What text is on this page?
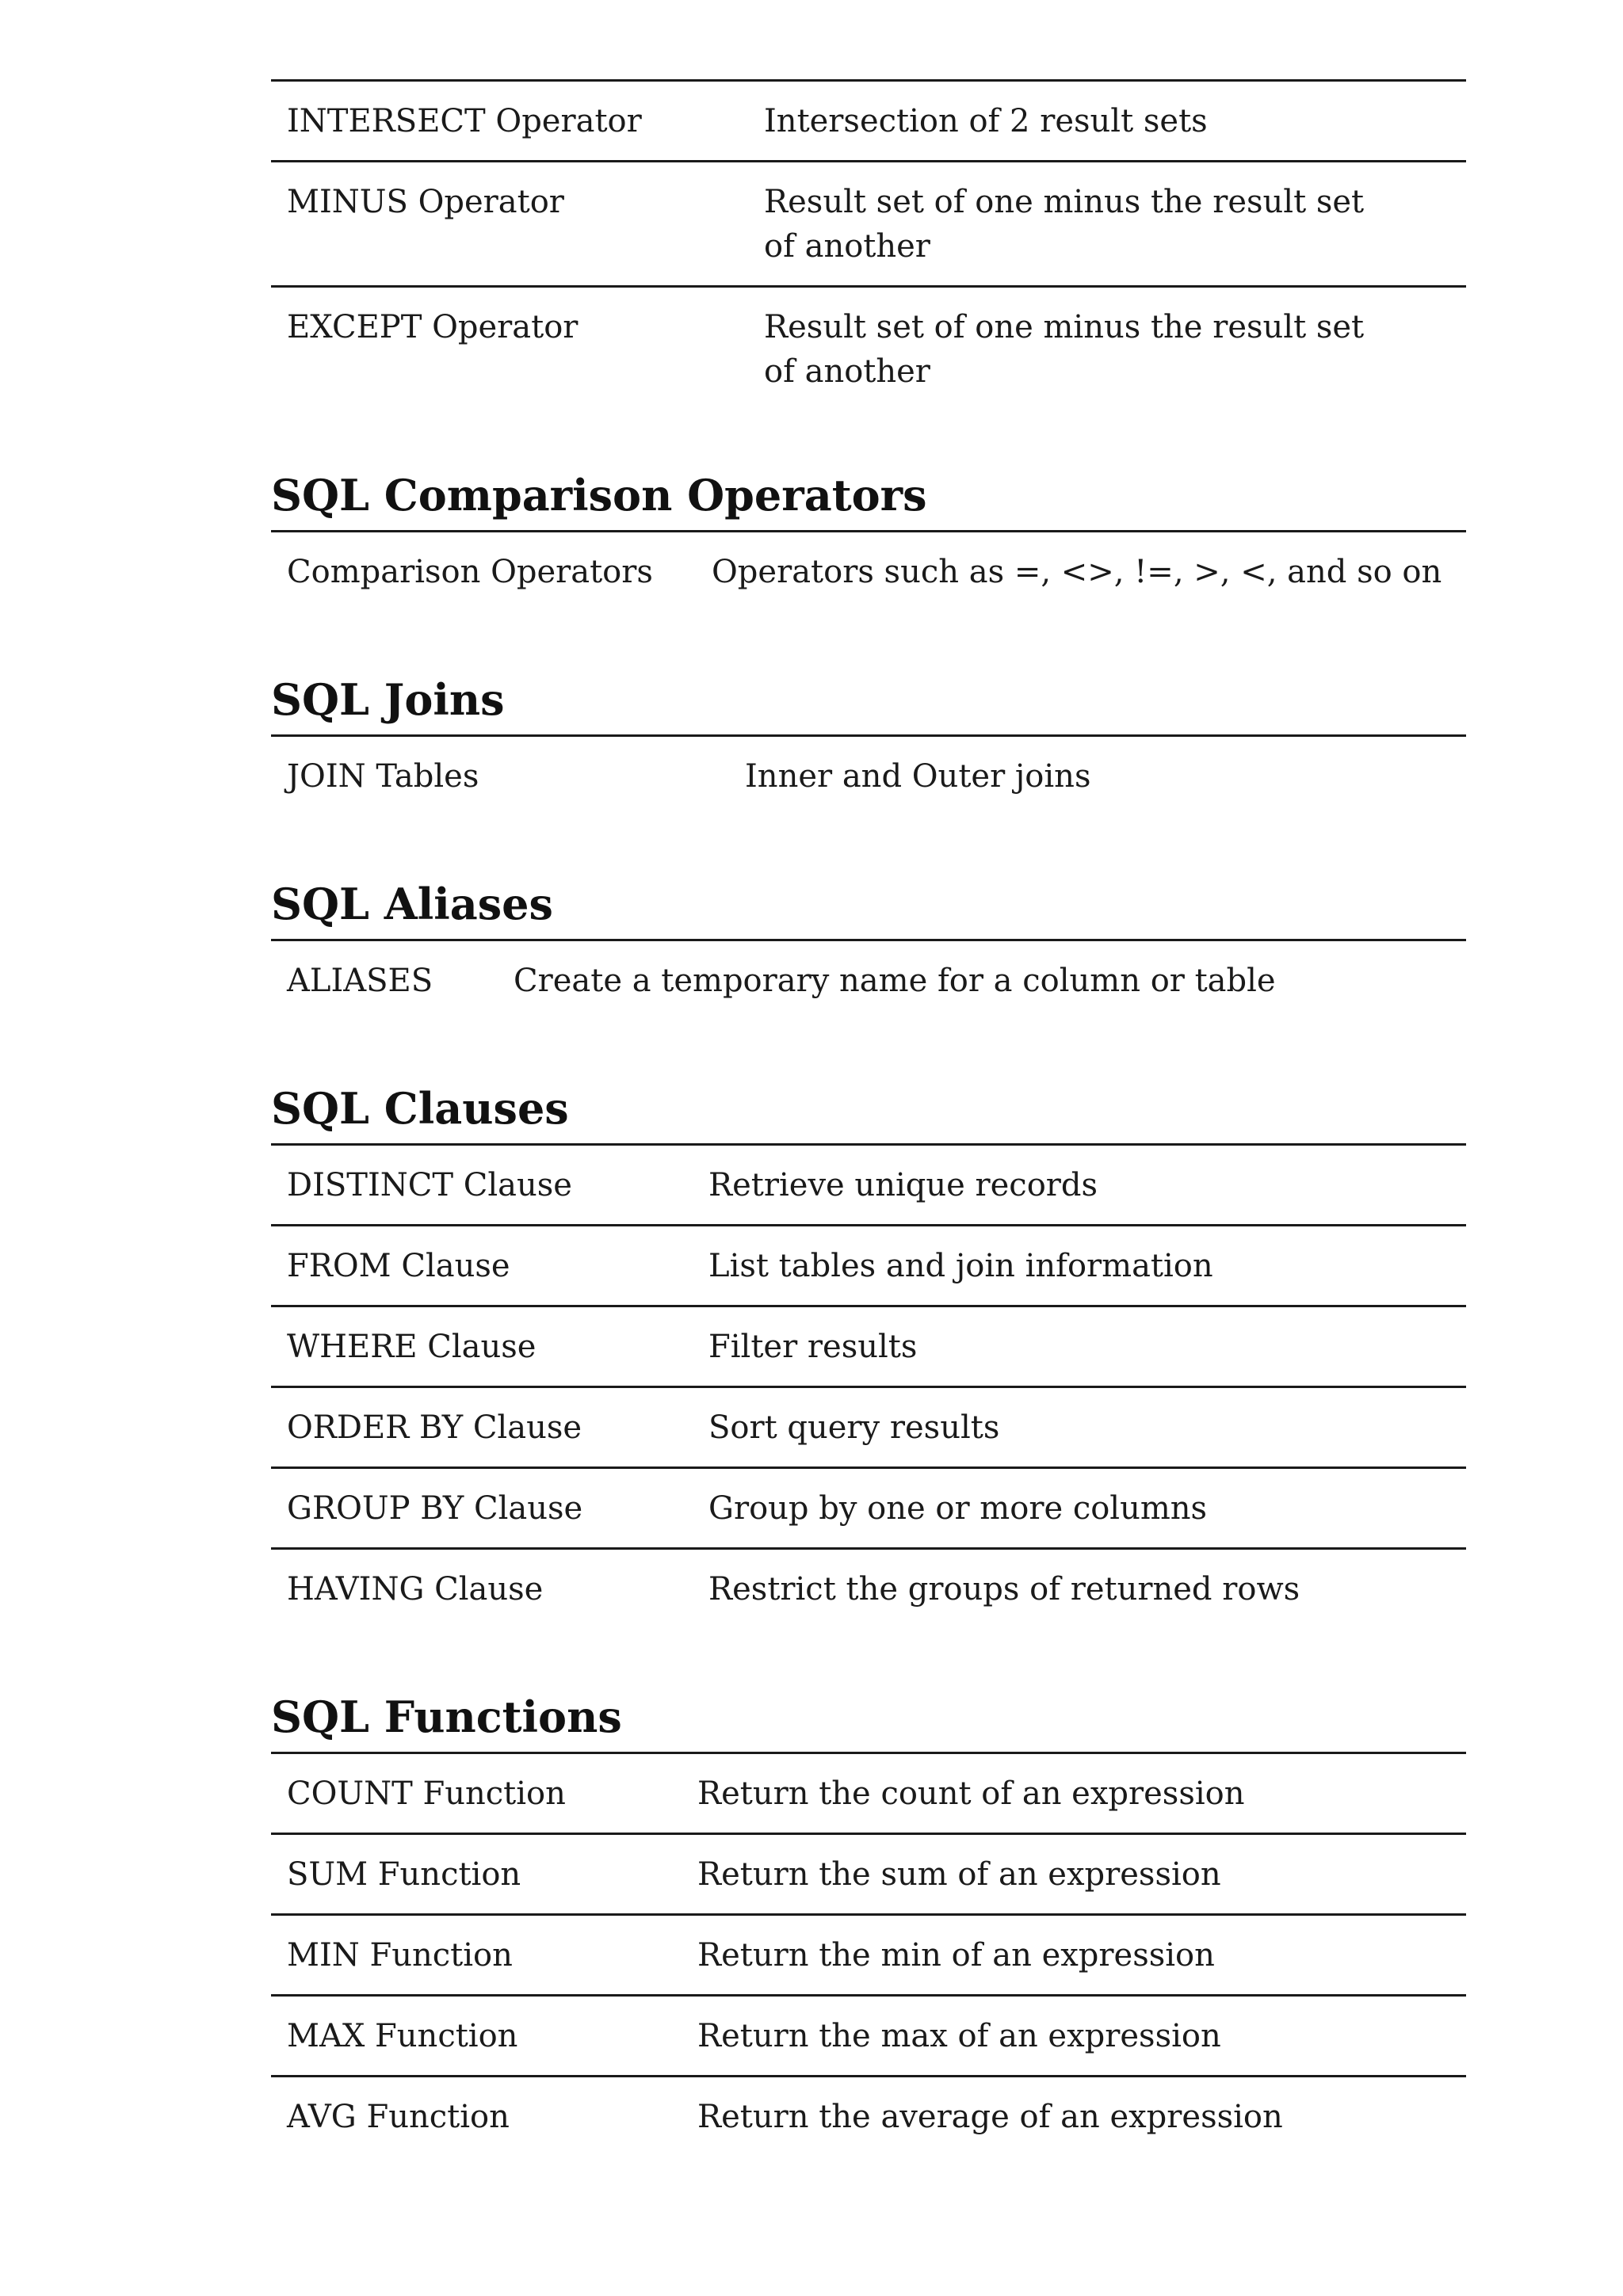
INTERSECT Operator	Intersection of 2 result sets
MINUS Operator	Result set of one minus the result set of another
EXCEPT Operator	Result set of one minus the result set of another
SQL Comparison Operators
Comparison Operators	Operators such as =, <>, !=, >, <, and so on
SQL Joins
JOIN Tables	Inner and Outer joins
SQL Aliases
ALIASES	Create a temporary name for a column or table
SQL Clauses
DISTINCT Clause	Retrieve unique records
FROM Clause	List tables and join information
WHERE Clause	Filter results
ORDER BY Clause	Sort query results
GROUP BY Clause	Group by one or more columns
HAVING Clause	Restrict the groups of returned rows
SQL Functions
COUNT Function	Return the count of an expression
SUM Function	Return the sum of an expression
MIN Function	Return the min of an expression
MAX Function	Return the max of an expression
AVG Function	Return the average of an expression
